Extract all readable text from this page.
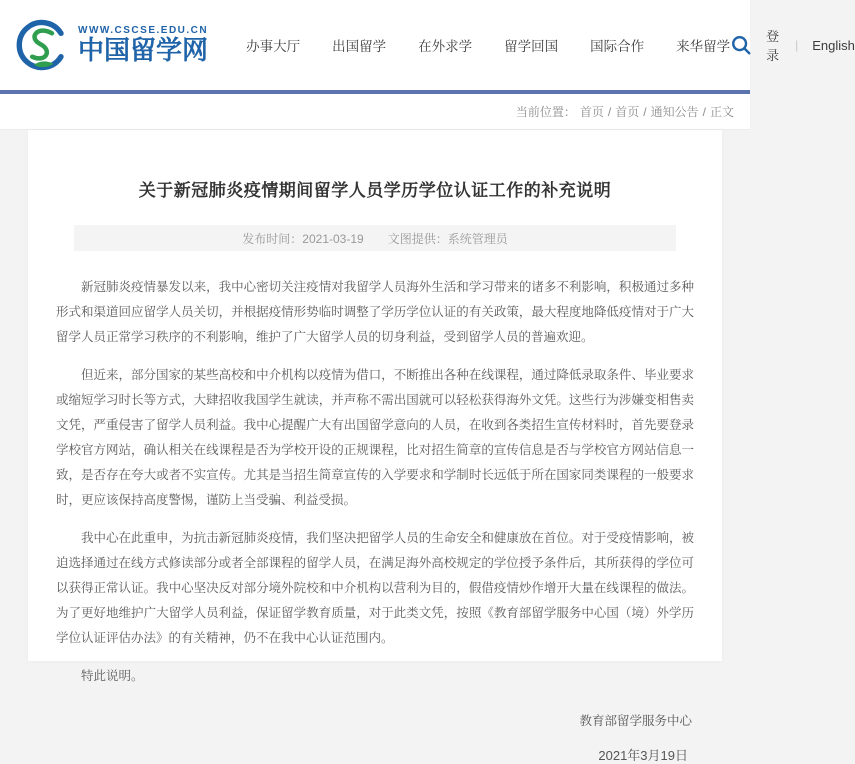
WWW.CSCSE.EDU.CN
中国留学网	办事大厅 出国留学 在外求学 留学回国 国际合作 来华留学
登录
| English
当前位置： 首页 / 首页 / 通知公告 / 正文
关于新冠肺炎疫情期间留学人员学历学位认证工作的补充说明
发布时间：2021-03-19 文图提供：系统管理员

新冠肺炎疫情暴发以来，我中心密切关注疫情对我留学人员海外生活和学习带来的诸多不利影响，积极通过多种形式和渠道回应留学人员关切，并根据疫情形势临时调整了学历学位认证的有关政策，最大程度地降低疫情对于广大留学人员正常学习秩序的不利影响，维护了广大留学人员的切身利益，受到留学人员的普遍欢迎。

但近来，部分国家的某些高校和中介机构以疫情为借口，不断推出各种在线课程，通过降低录取条件、毕业要求或缩短学习时长等方式，大肆招收我国学生就读，并声称不需出国就可以轻松获得海外文凭。这些行为涉嫌变相售卖文凭，严重侵害了留学人员利益。我中心提醒广大有出国留学意向的人员，在收到各类招生宣传材料时，首先要登录学校官方网站，确认相关在线课程是否为学校开设的正规课程，比对招生简章的宣传信息是否与学校官方网站信息一致，是否存在夸大或者不实宣传。尤其是当招生简章宣传的入学要求和学制时长远低于所在国家同类课程的一般要求时，更应该保持高度警惕，谨防上当受骗、利益受损。

我中心在此重申，为抗击新冠肺炎疫情，我们坚决把留学人员的生命安全和健康放在首位。对于受疫情影响，被迫选择通过在线方式修读部分或者全部课程的留学人员，在满足海外高校规定的学位授予条件后，其所获得的学位可以获得正常认证。我中心坚决反对部分境外院校和中介机构以营利为目的，假借疫情炒作增开大量在线课程的做法。为了更好地维护广大留学人员利益，保证留学教育质量，对于此类文凭，按照《教育部留学服务中心国（境）外学历学位认证评估办法》的有关精神，仍不在我中心认证范围内。

特此说明。

教育部留学服务中心
2021年3月19日
